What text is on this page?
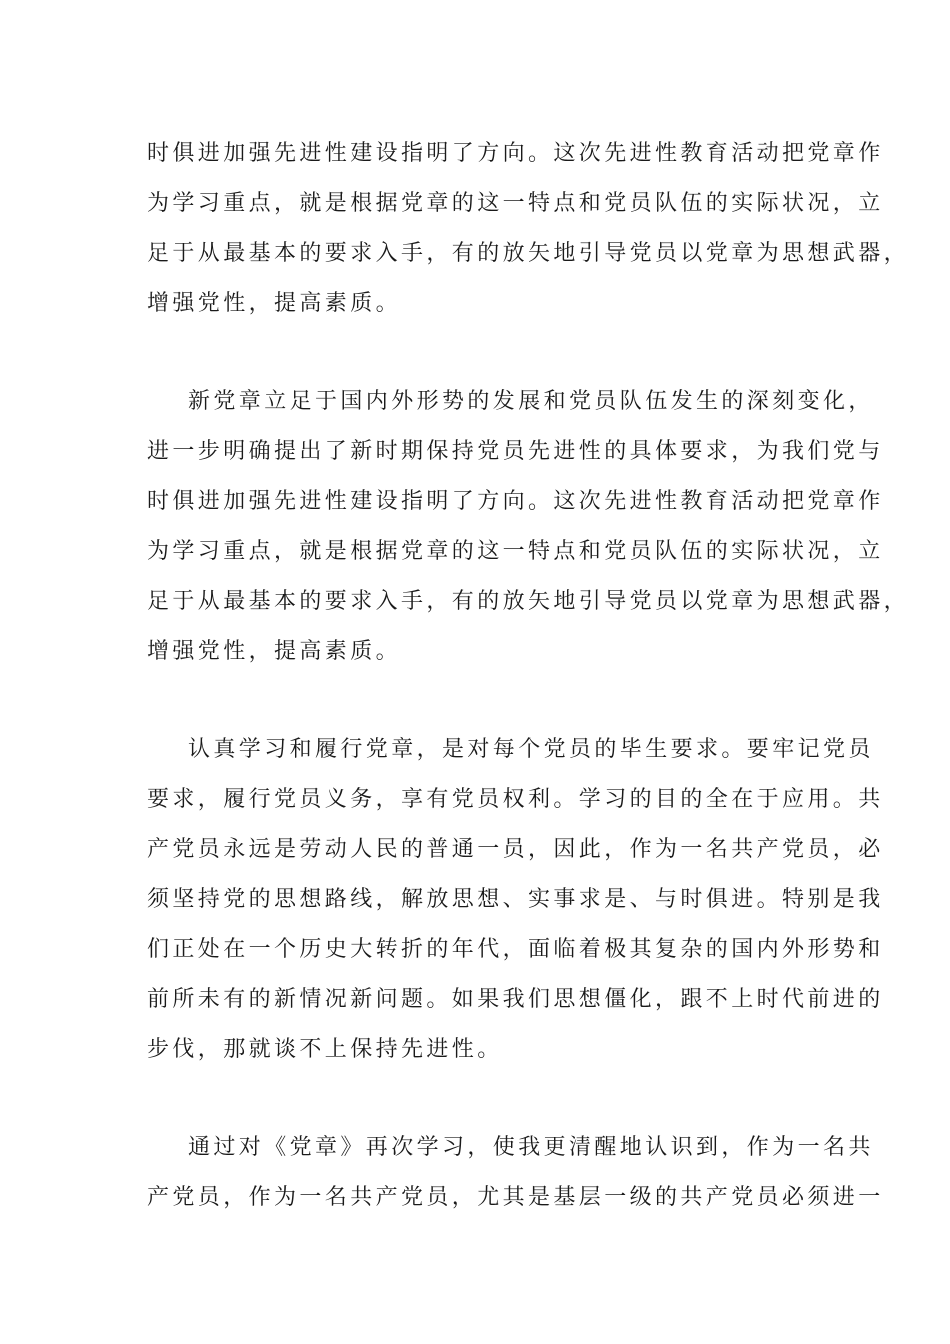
时俱进加强先进性建设指明了方向。这次先进性教育活动把党章作
为学习重点，就是根据党章的这一特点和党员队伍的实际状况，立
足于从最基本的要求入手，有的放矢地引导党员以党章为思想武器，
增强党性，提高素质。
新党章立足于国内外形势的发展和党员队伍发生的深刻变化，
进一步明确提出了新时期保持党员先进性的具体要求，为我们党与
时俱进加强先进性建设指明了方向。这次先进性教育活动把党章作
为学习重点，就是根据党章的这一特点和党员队伍的实际状况，立
足于从最基本的要求入手，有的放矢地引导党员以党章为思想武器，
增强党性，提高素质。
认真学习和履行党章，是对每个党员的毕生要求。要牢记党员
要求，履行党员义务，享有党员权利。学习的目的全在于应用。共
产党员永远是劳动人民的普通一员，因此，作为一名共产党员，必
须坚持党的思想路线，解放思想、实事求是、与时俱进。特别是我
们正处在一个历史大转折的年代，面临着极其复杂的国内外形势和
前所未有的新情况新问题。如果我们思想僵化，跟不上时代前进的
步伐，那就谈不上保持先进性。
通过对《党章》再次学习，使我更清醒地认识到，作为一名共
产党员，作为一名共产党员，尤其是基层一级的共产党员必须进一
